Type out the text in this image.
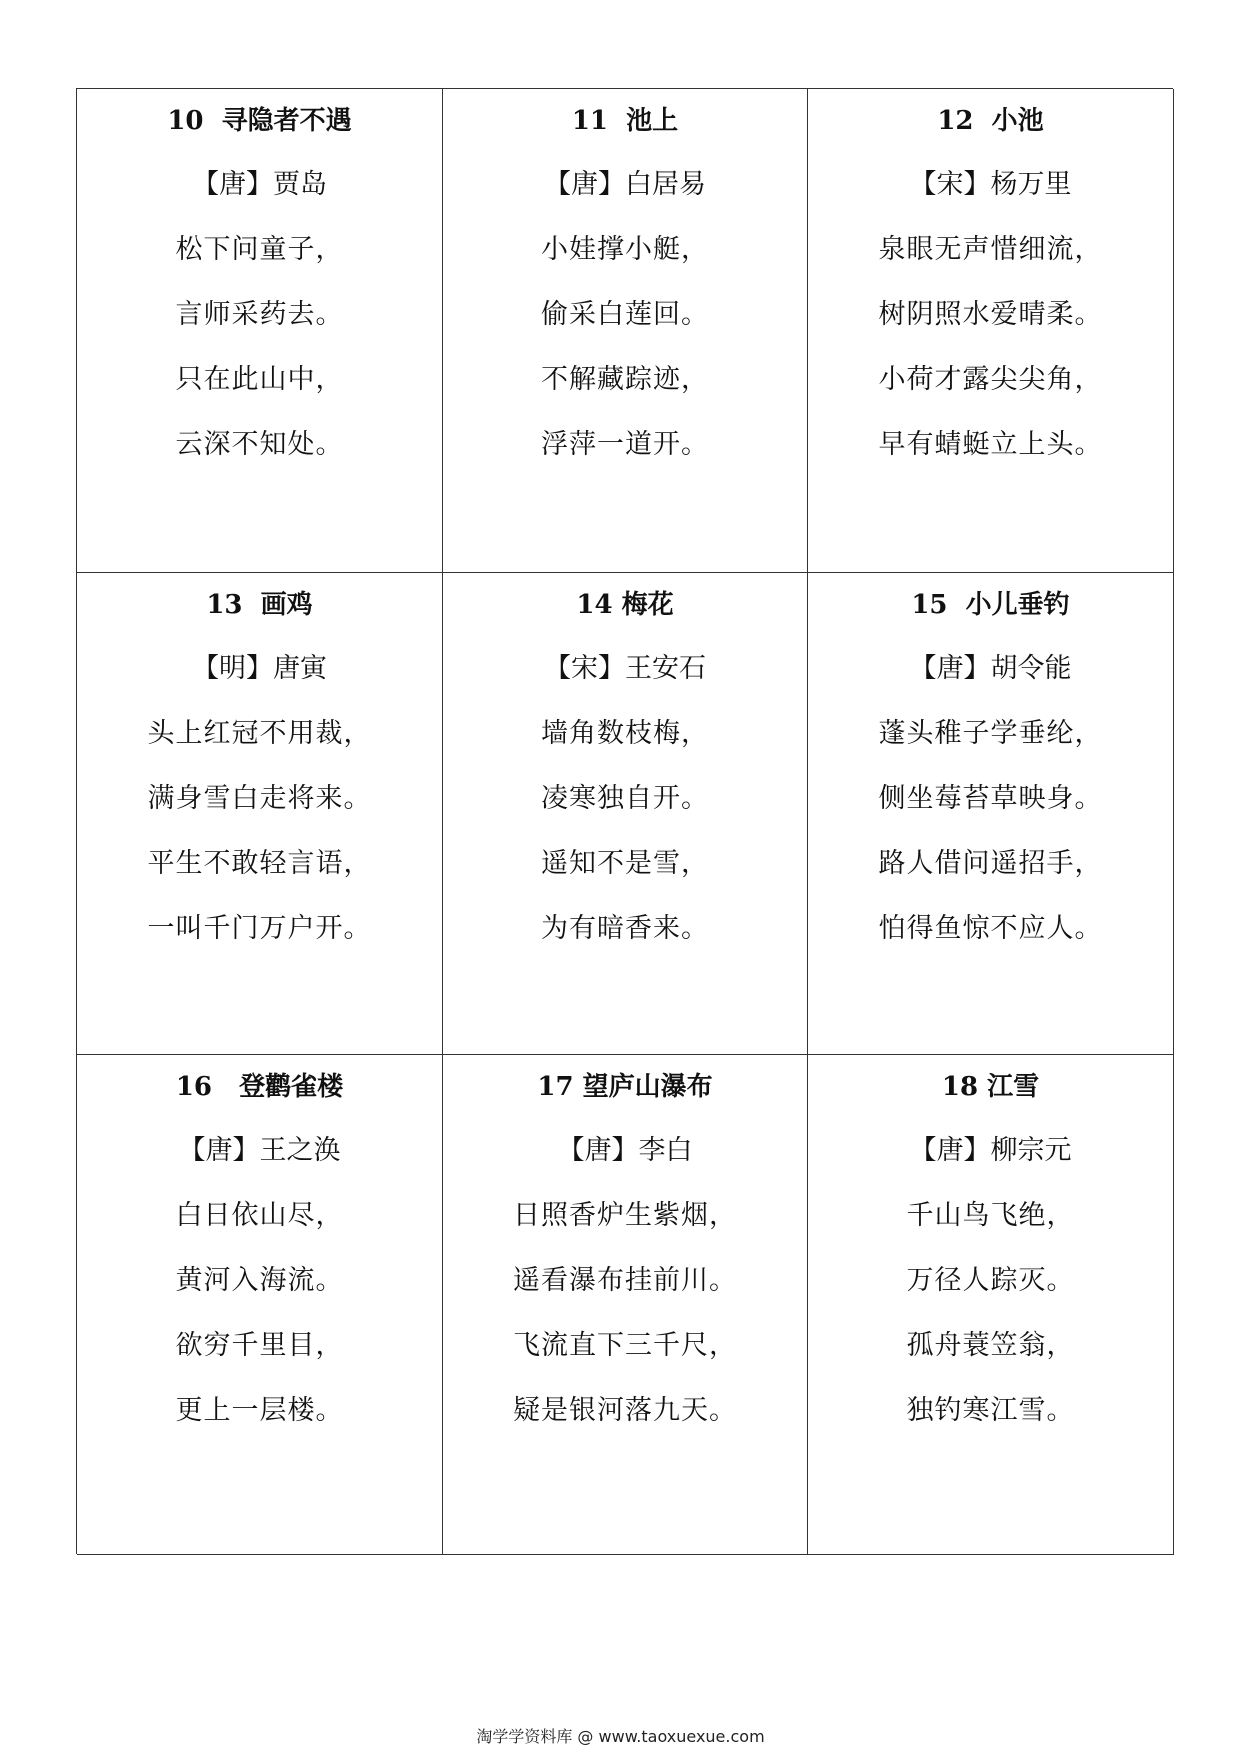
10  寻隐者不遇
【唐】贾岛
松下问童子，
言师采药去。
只在此山中，
云深不知处。
11  池上
【唐】白居易
小娃撑小艇，
偷采白莲回。
不解藏踪迹，
浮萍一道开。
12  小池
【宋】杨万里
泉眼无声惜细流，
树阴照水爱晴柔。
小荷才露尖尖角，
早有蜻蜓立上头。
13  画鸡
【明】唐寅
头上红冠不用裁，
满身雪白走将来。
平生不敢轻言语，
一叫千门万户开。
14 梅花
【宋】王安石
墙角数枝梅，
凌寒独自开。
遥知不是雪，
为有暗香来。
15  小儿垂钓
【唐】胡令能
蓬头稚子学垂纶，
侧坐莓苔草映身。
路人借问遥招手，
怕得鱼惊不应人。
16   登鹳雀楼
【唐】王之涣
白日依山尽，
黄河入海流。
欲穷千里目，
更上一层楼。
17 望庐山瀑布
【唐】李白
日照香炉生紫烟，
遥看瀑布挂前川。
飞流直下三千尺，
疑是银河落九天。
18 江雪
【唐】柳宗元
千山鸟飞绝，
万径人踪灭。
孤舟蓑笠翁，
独钓寒江雪。
淘学学资料库 @ www.taoxuexue.com
